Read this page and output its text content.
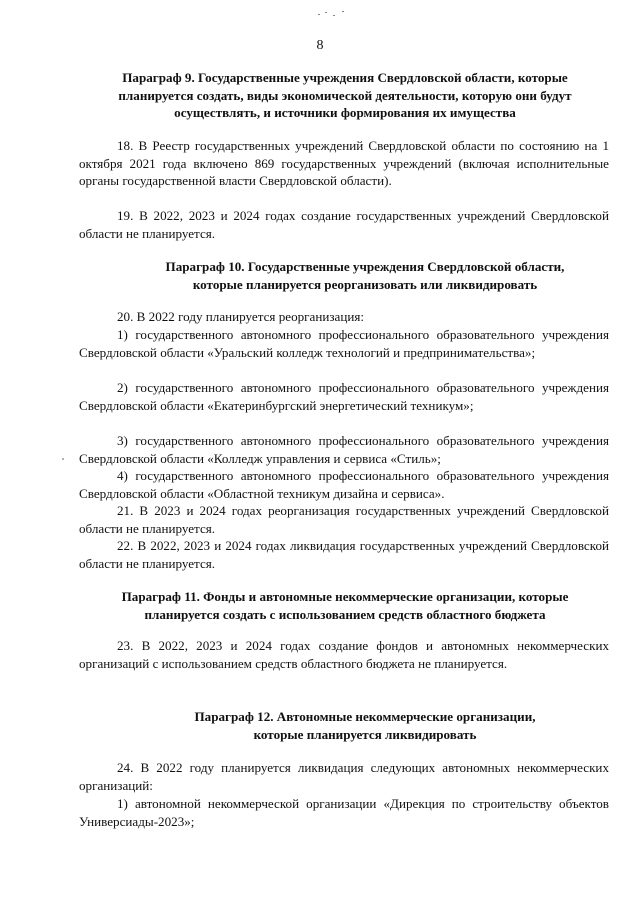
8
Параграф 9. Государственные учреждения Свердловской области, которые
планируется создать, виды экономической деятельности, которую они будут
осуществлять, и источники формирования их имущества
18. В Реестр государственных учреждений Свердловской области по состоянию на 1 октября 2021 года включено 869 государственных учреждений (включая исполнительные органы государственной власти Свердловской области).
19. В 2022, 2023 и 2024 годах создание государственных учреждений Свердловской области не планируется.
Параграф 10. Государственные учреждения Свердловской области,
которые планируется реорганизовать или ликвидировать
20. В 2022 году планируется реорганизация:
1) государственного автономного профессионального образовательного учреждения Свердловской области «Уральский колледж технологий и предпринимательства»;
2) государственного автономного профессионального образовательного учреждения Свердловской области «Екатеринбургский энергетический техникум»;
3) государственного автономного профессионального образовательного учреждения Свердловской области «Колледж управления и сервиса «Стиль»;
4) государственного автономного профессионального образовательного учреждения Свердловской области «Областной техникум дизайна и сервиса».
21. В 2023 и 2024 годах реорганизация государственных учреждений Свердловской области не планируется.
22. В 2022, 2023 и 2024 годах ликвидация государственных учреждений Свердловской области не планируется.
Параграф 11. Фонды и автономные некоммерческие организации, которые
планируется создать с использованием средств областного бюджета
23. В 2022, 2023 и 2024 годах создание фондов и автономных некоммерческих организаций с использованием средств областного бюджета не планируется.
Параграф 12. Автономные некоммерческие организации,
которые планируется ликвидировать
24. В 2022 году планируется ликвидация следующих автономных некоммерческих организаций:
1) автономной некоммерческой организации «Дирекция по строительству объектов Универсиады-2023»;
